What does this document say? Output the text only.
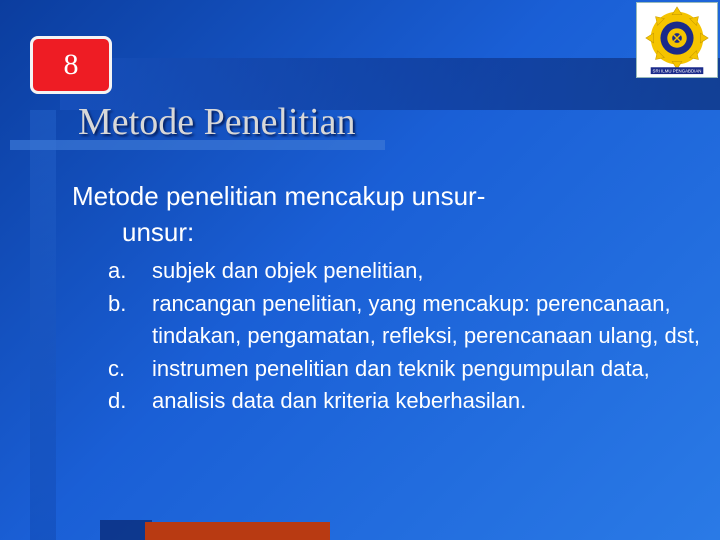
8	SRI ILMU PENGABDIAN
Metode Penelitian

Metode penelitian mencakup unsur-
unsur:

a.	subjek dan objek penelitian,
b.	rancangan penelitian, yang mencakup: perencanaan, tindakan, pengamatan, refleksi, perencanaan ulang, dst,
c.	instrumen penelitian dan teknik pengumpulan data,
d.	analisis data dan kriteria keberhasilan.
